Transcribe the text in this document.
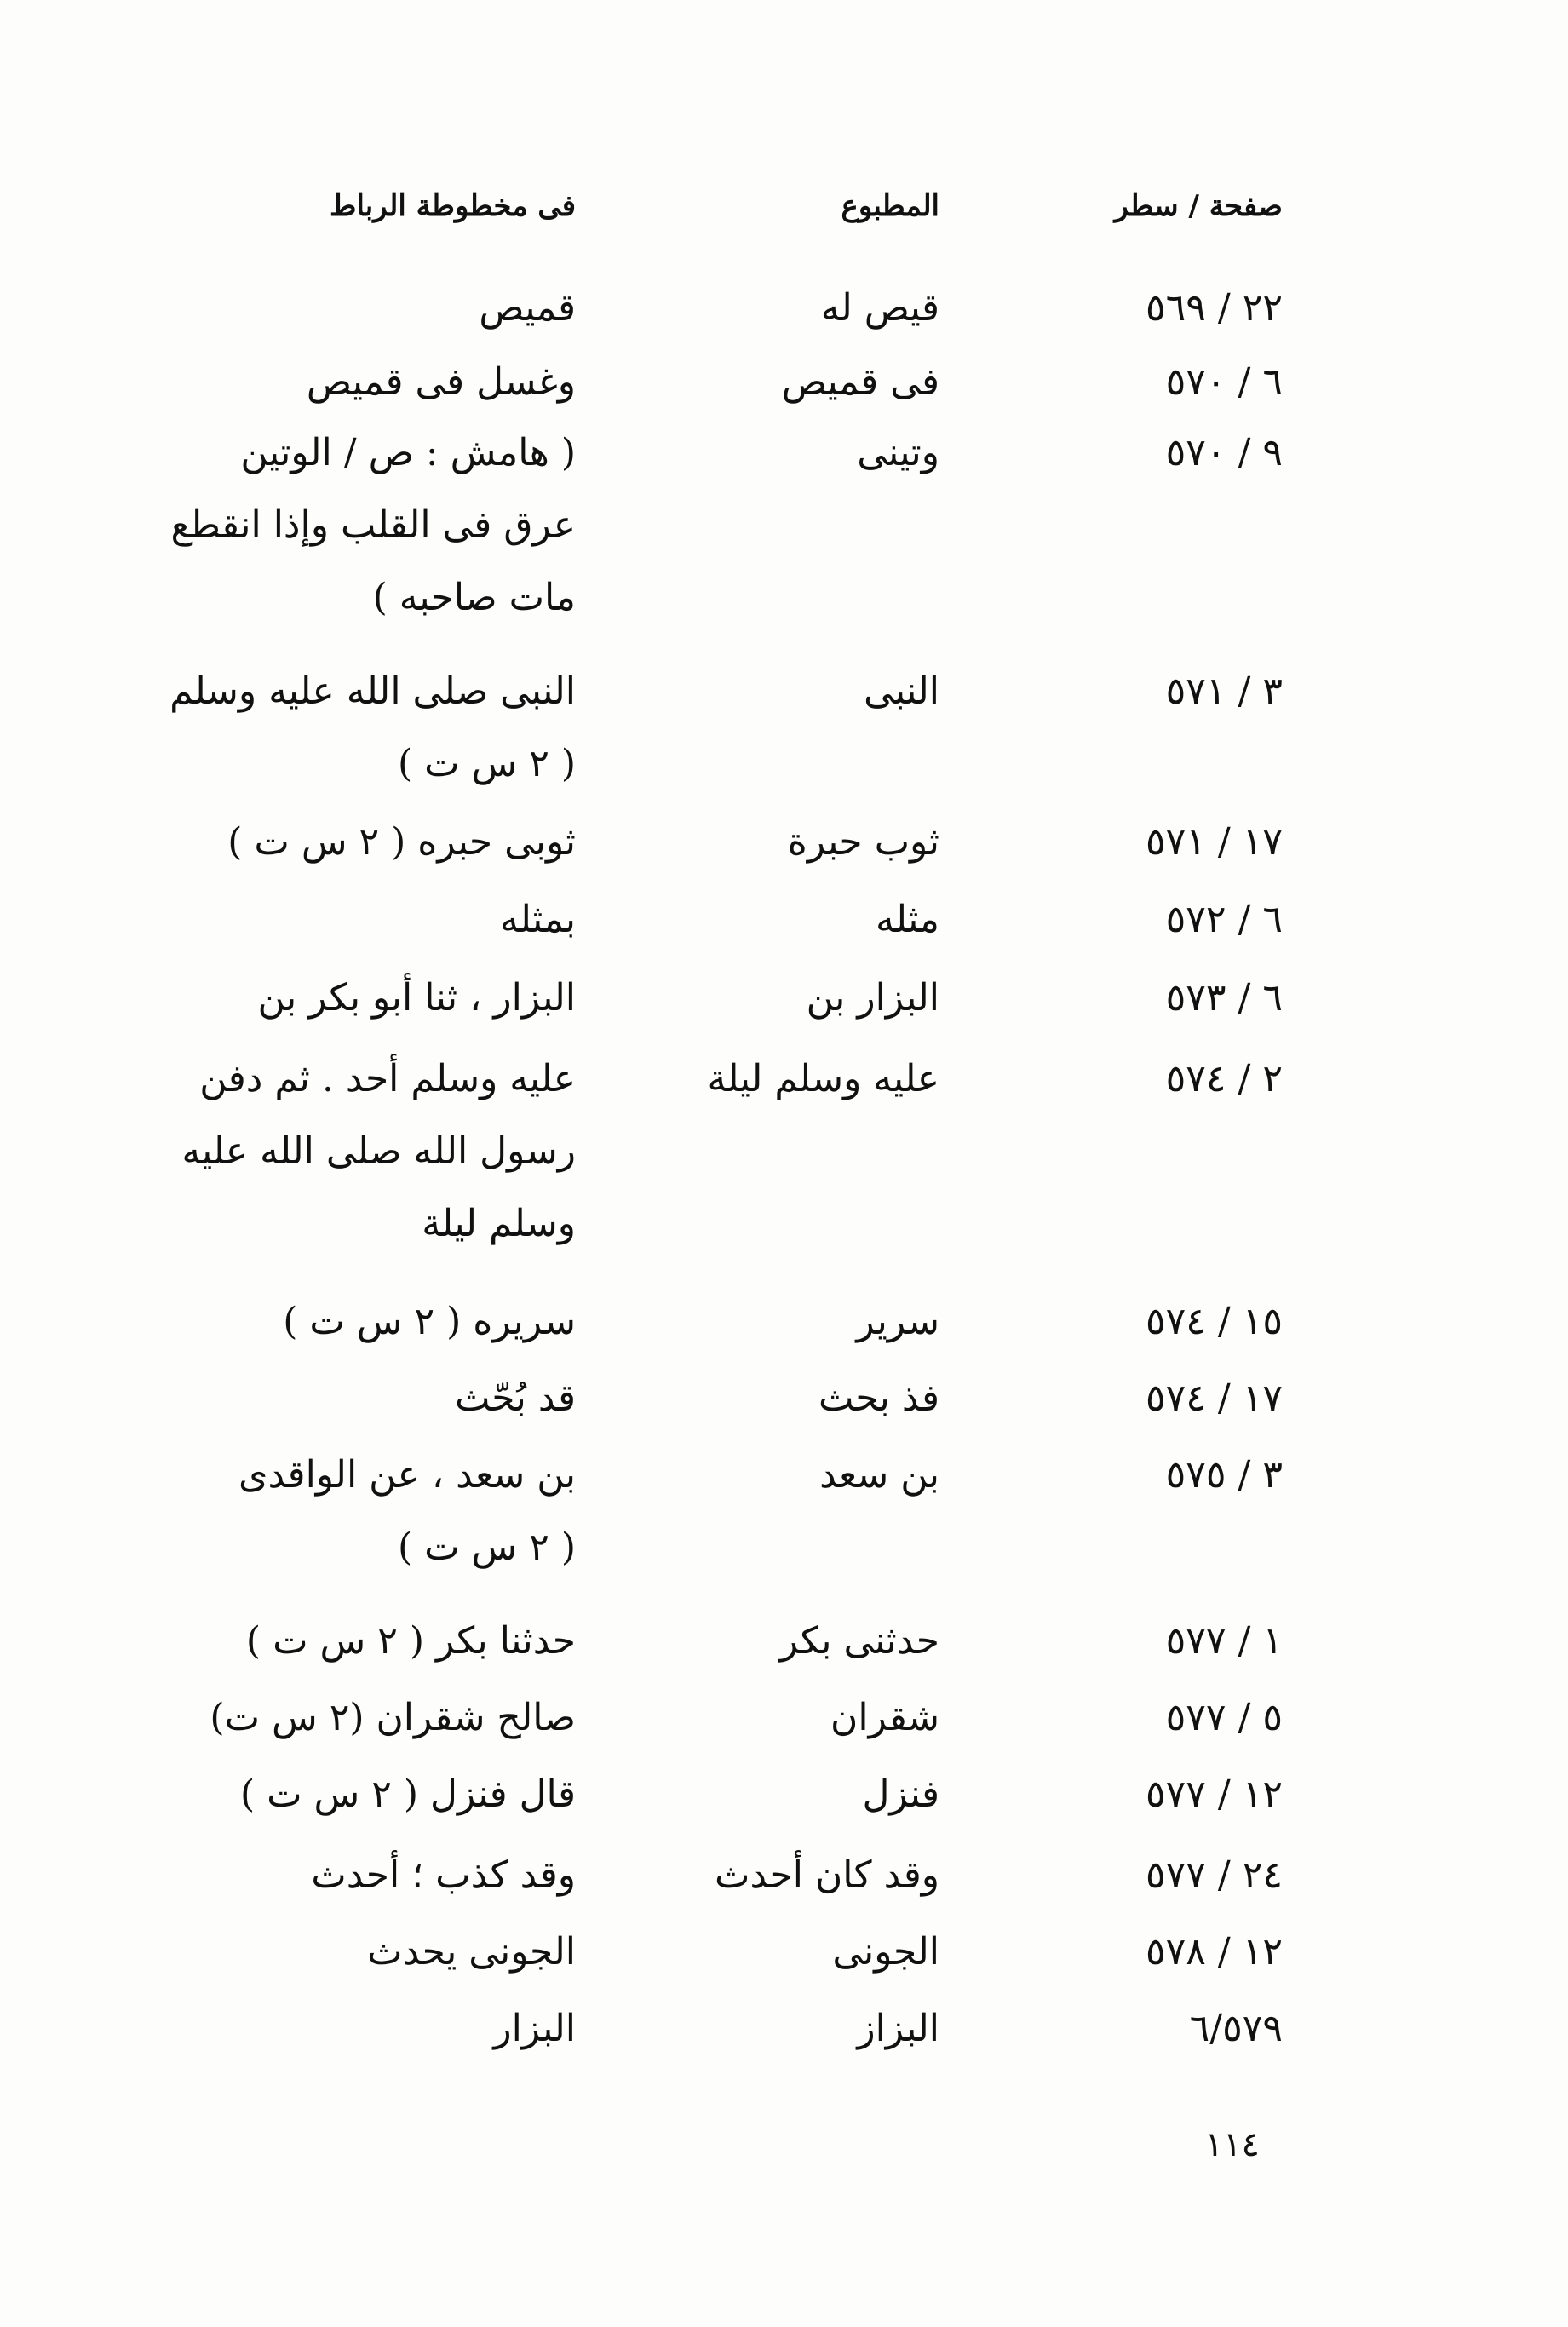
صفحة / سطر
المطبوع
فى مخطوطة الرباط
٢٢ / ٥٦٩
قيص له
قميص
٦ / ٥٧٠
فى قميص
وغسل فى قميص
٩ / ٥٧٠
وتينى
( هامش : ص / الوتين
عرق فى القلب وإذا انقطع
مات صاحبه )
٣ / ٥٧١
النبى
النبى صلى الله عليه وسلم
( ٢ س ت )
١٧ / ٥٧١
ثوب حبرة
ثوبى حبره ( ٢ س ت )
٦ / ٥٧٢
مثله
بمثله
٦ / ٥٧٣
البزار بن
البزار ، ثنا أبو بكر بن
٢ / ٥٧٤
عليه وسلم ليلة
عليه وسلم أحد . ثم دفن
رسول الله صلى الله عليه
وسلم ليلة
١٥ / ٥٧٤
سرير
سريره ( ٢ س ت )
١٧ / ٥٧٤
فذ بحث
قد بُحّث
٣ / ٥٧٥
بن سعد
بن سعد ، عن الواقدى
( ٢ س ت )
١ / ٥٧٧
حدثنى بكر
حدثنا بكر ( ٢ س ت )
٥ / ٥٧٧
شقران
صالح شقران (٢ س ت)
١٢ / ٥٧٧
فنزل
قال فنزل ( ٢ س ت )
٢٤ / ٥٧٧
وقد كان أحدث
وقد كذب ؛ أحدث
١٢ / ٥٧٨
الجونى
الجونى يحدث
٦/٥٧٩
البزاز
البزار
١١٤
